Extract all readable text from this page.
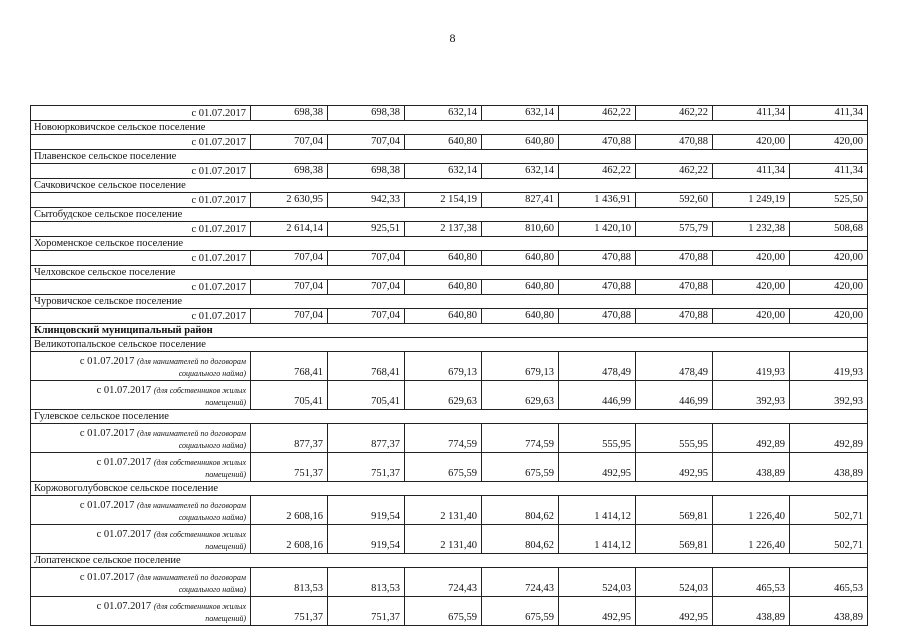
8
с 01.07.2017	698,38	698,38	632,14	632,14	462,22	462,22	411,34	411,34
Новоюрковичское сельское поселение								
с 01.07.2017	707,04	707,04	640,80	640,80	470,88	470,88	420,00	420,00
Плавенское сельское поселение								
с 01.07.2017	698,38	698,38	632,14	632,14	462,22	462,22	411,34	411,34
Сачковичское сельское поселение								
с 01.07.2017	2 630,95	942,33	2 154,19	827,41	1 436,91	592,60	1 249,19	525,50
Сытобудское сельское поселение								
с 01.07.2017	2 614,14	925,51	2 137,38	810,60	1 420,10	575,79	1 232,38	508,68
Хороменское сельское поселение								
с 01.07.2017	707,04	707,04	640,80	640,80	470,88	470,88	420,00	420,00
Челховское сельское поселение								
с 01.07.2017	707,04	707,04	640,80	640,80	470,88	470,88	420,00	420,00
Чуровичское сельское поселение								
с 01.07.2017	707,04	707,04	640,80	640,80	470,88	470,88	420,00	420,00
Клинцовский муниципальный район								
Великотопальское сельское поселение								

с 01.07.2017 (для нанимателей по договорам
социального найма)	768,41	768,41	679,13	679,13	478,49	478,49	419,93	419,93

с 01.07.2017 (для собственников жилых
помещений)	705,41	705,41	629,63	629,63	446,99	446,99	392,93	392,93
Гулевское сельское поселение								

с 01.07.2017 (для нанимателей по договорам
социального найма)	877,37	877,37	774,59	774,59	555,95	555,95	492,89	492,89

с 01.07.2017 (для собственников жилых
помещений)	751,37	751,37	675,59	675,59	492,95	492,95	438,89	438,89
Коржовоголубовское сельское поселение								

с 01.07.2017 (для нанимателей по договорам
социального найма)	2 608,16	919,54	2 131,40	804,62	1 414,12	569,81	1 226,40	502,71

с 01.07.2017 (для собственников жилых
помещений)	2 608,16	919,54	2 131,40	804,62	1 414,12	569,81	1 226,40	502,71
Лопатенское сельское поселение								

с 01.07.2017 (для нанимателей по договорам
социального найма)	813,53	813,53	724,43	724,43	524,03	524,03	465,53	465,53

с 01.07.2017 (для собственников жилых
помещений)	751,37	751,37	675,59	675,59	492,95	492,95	438,89	438,89
